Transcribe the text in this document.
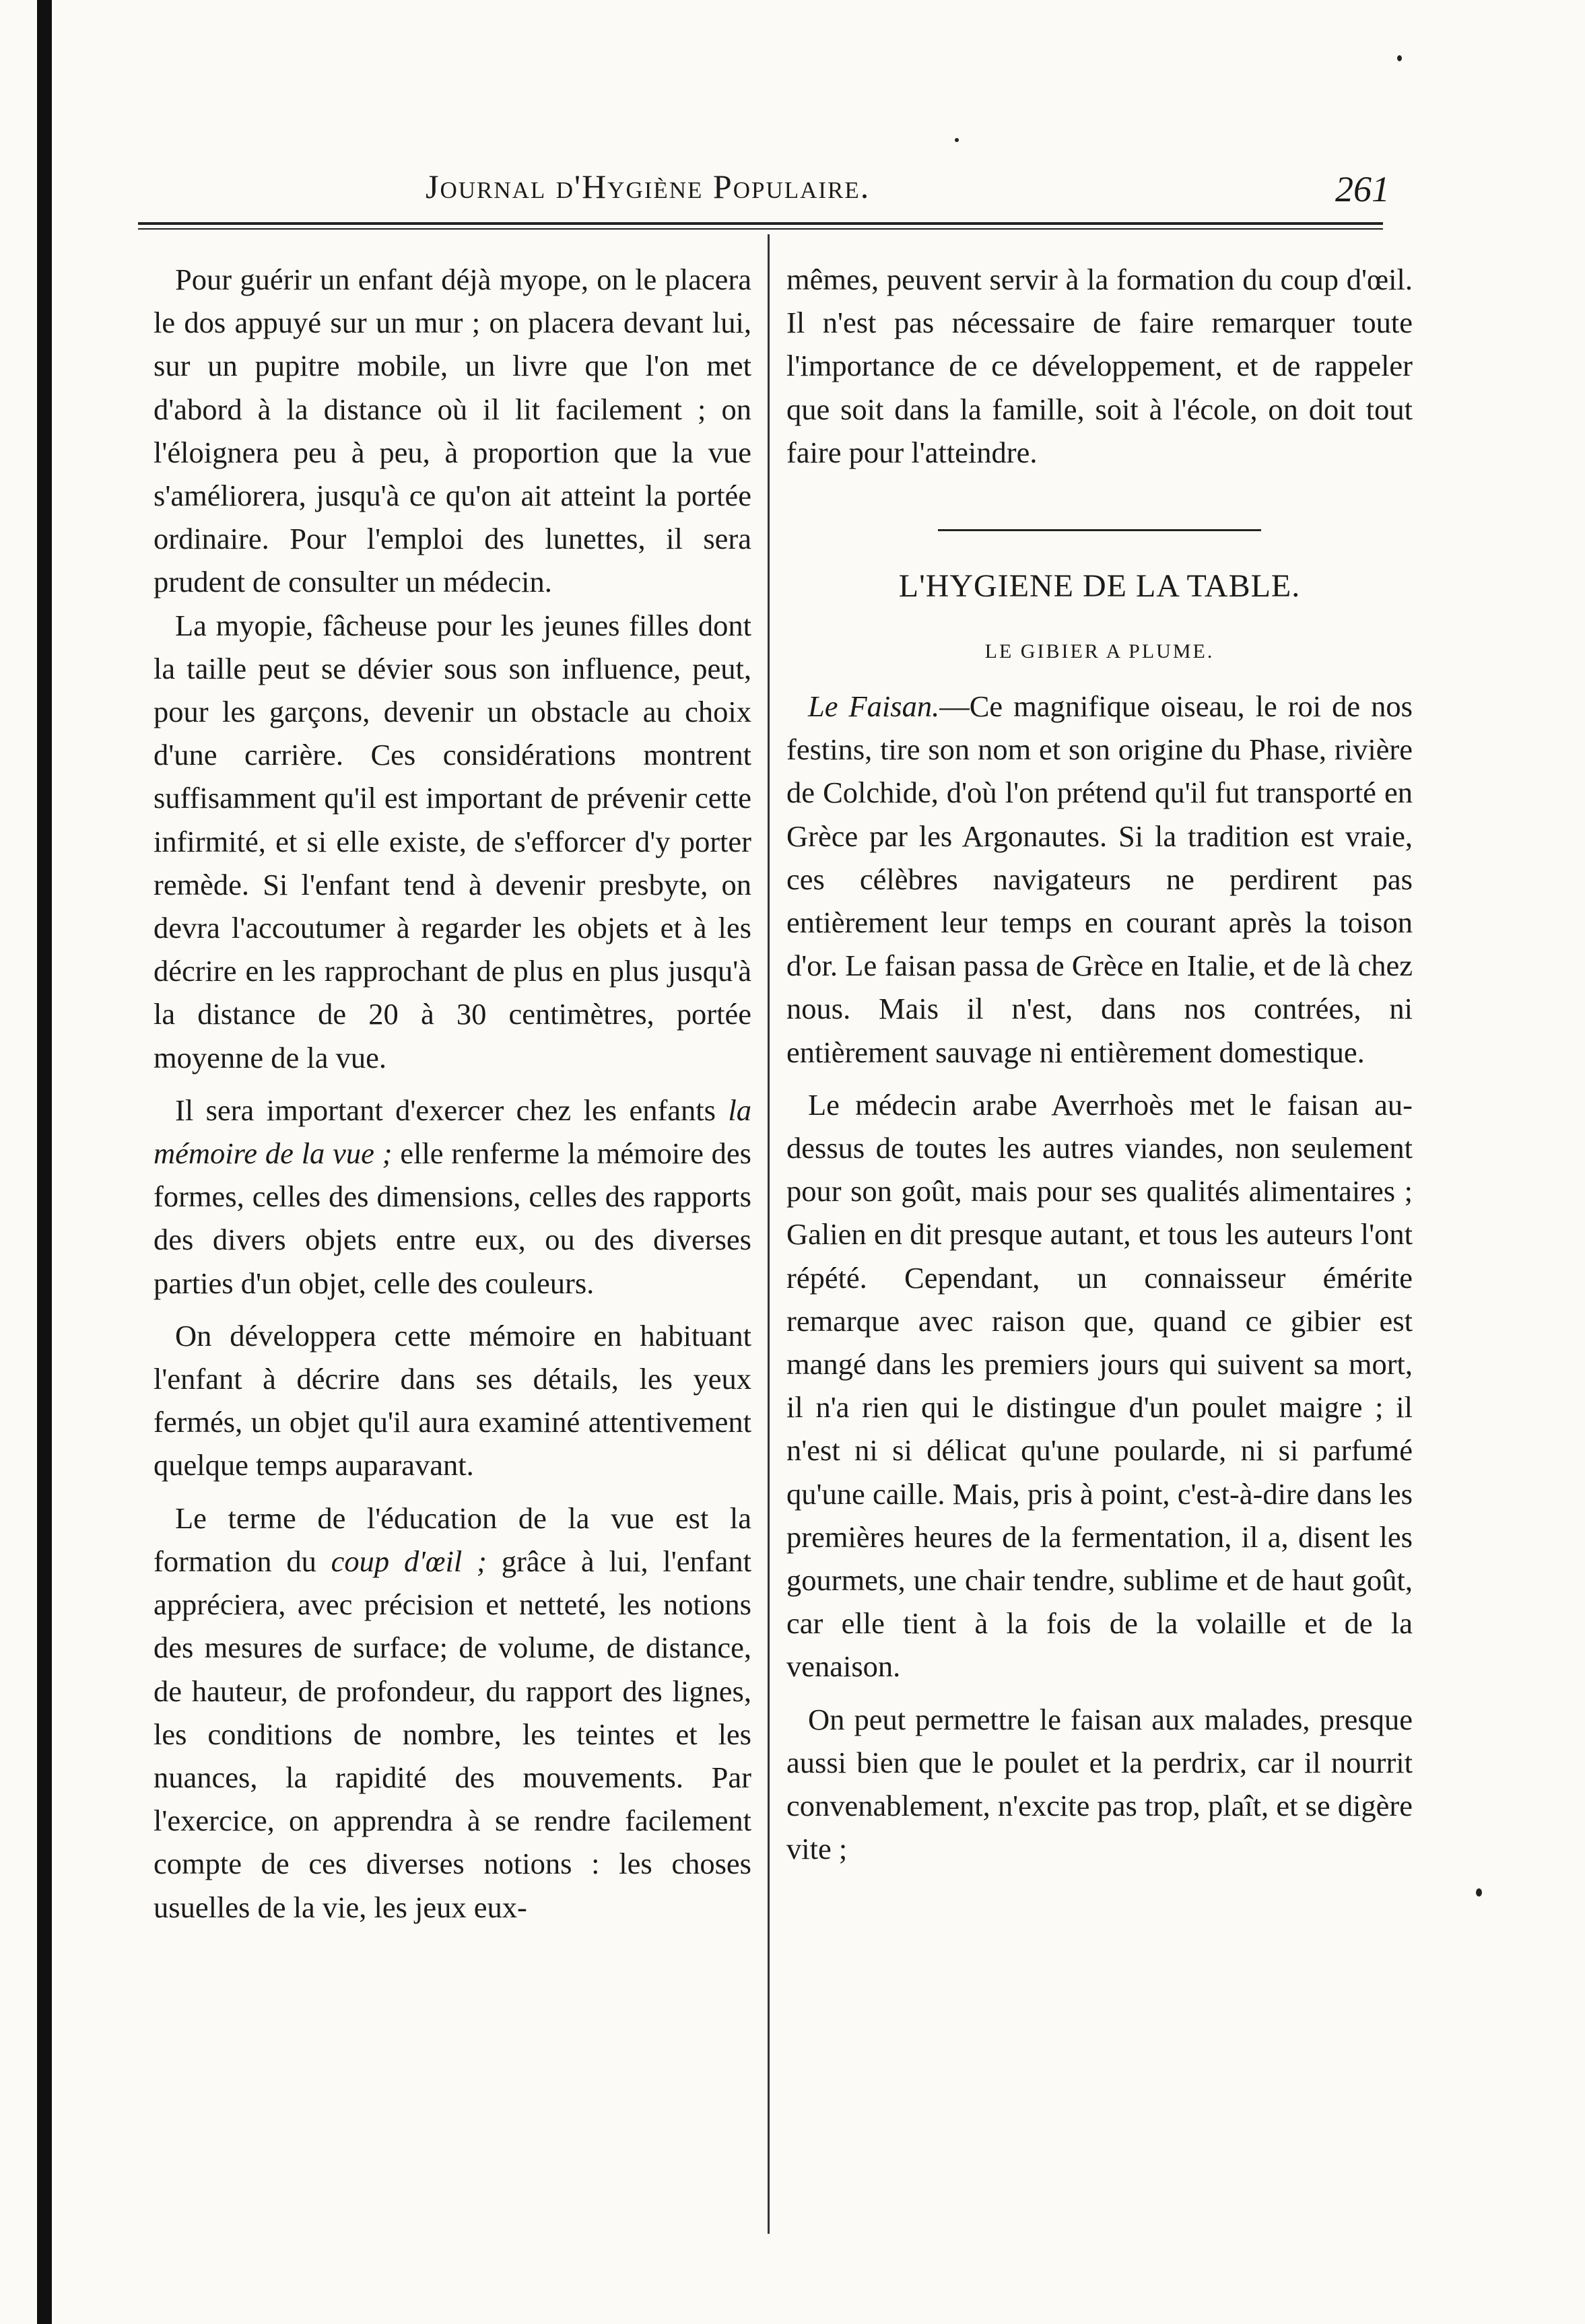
Journal d'Hygiène Populaire.	261

Pour guérir un enfant déjà myope, on le placera le dos appuyé sur un mur ; on placera devant lui, sur un pupitre mobile, un livre que l'on met d'abord à la distance où il lit facilement ; on l'éloignera peu à peu, à proportion que la vue s'améliorera, jusqu'à ce qu'on ait atteint la portée ordinaire. Pour l'emploi des lunettes, il sera prudent de consulter un médecin.

La myopie, fâcheuse pour les jeunes filles dont la taille peut se dévier sous son influence, peut, pour les garçons, devenir un obstacle au choix d'une carrière. Ces considérations montrent suffisamment qu'il est important de prévenir cette infirmité, et si elle existe, de s'efforcer d'y porter remède. Si l'enfant tend à devenir presbyte, on devra l'accoutumer à regarder les objets et à les décrire en les rapprochant de plus en plus jusqu'à la distance de 20 à 30 centimètres, portée moyenne de la vue.

Il sera important d'exercer chez les enfants la mémoire de la vue ; elle renferme la mémoire des formes, celles des dimensions, celles des rapports des divers objets entre eux, ou des diverses parties d'un objet, celle des couleurs.

On développera cette mémoire en habituant l'enfant à décrire dans ses détails, les yeux fermés, un objet qu'il aura examiné attentivement quelque temps auparavant.

Le terme de l'éducation de la vue est la formation du coup d'œil ; grâce à lui, l'enfant appréciera, avec précision et netteté, les notions des mesures de surface; de volume, de distance, de hauteur, de profondeur, du rapport des lignes, les conditions de nombre, les teintes et les nuances, la rapidité des mouvements. Par l'exercice, on apprendra à se rendre facilement compte de ces diverses notions : les choses usuelles de la vie, les jeux eux-

mêmes, peuvent servir à la formation du coup d'œil. Il n'est pas nécessaire de faire remarquer toute l'importance de ce développement, et de rappeler que soit dans la famille, soit à l'école, on doit tout faire pour l'atteindre.

L'HYGIENE DE LA TABLE.
LE GIBIER A PLUME.

Le Faisan.—Ce magnifique oiseau, le roi de nos festins, tire son nom et son origine du Phase, rivière de Colchide, d'où l'on prétend qu'il fut transporté en Grèce par les Argonautes. Si la tradition est vraie, ces célèbres navigateurs ne perdirent pas entièrement leur temps en courant après la toison d'or. Le faisan passa de Grèce en Italie, et de là chez nous. Mais il n'est, dans nos contrées, ni entièrement sauvage ni entièrement domestique.

Le médecin arabe Averrhoès met le faisan au-dessus de toutes les autres viandes, non seulement pour son goût, mais pour ses qualités alimentaires ; Galien en dit presque autant, et tous les auteurs l'ont répété. Cependant, un connaisseur émérite remarque avec raison que, quand ce gibier est mangé dans les premiers jours qui suivent sa mort, il n'a rien qui le distingue d'un poulet maigre ; il n'est ni si délicat qu'une poularde, ni si parfumé qu'une caille. Mais, pris à point, c'est-à-dire dans les premières heures de la fermentation, il a, disent les gourmets, une chair tendre, sublime et de haut goût, car elle tient à la fois de la volaille et de la venaison.

On peut permettre le faisan aux malades, presque aussi bien que le poulet et la perdrix, car il nourrit convenablement, n'excite pas trop, plaît, et se digère vite ;
